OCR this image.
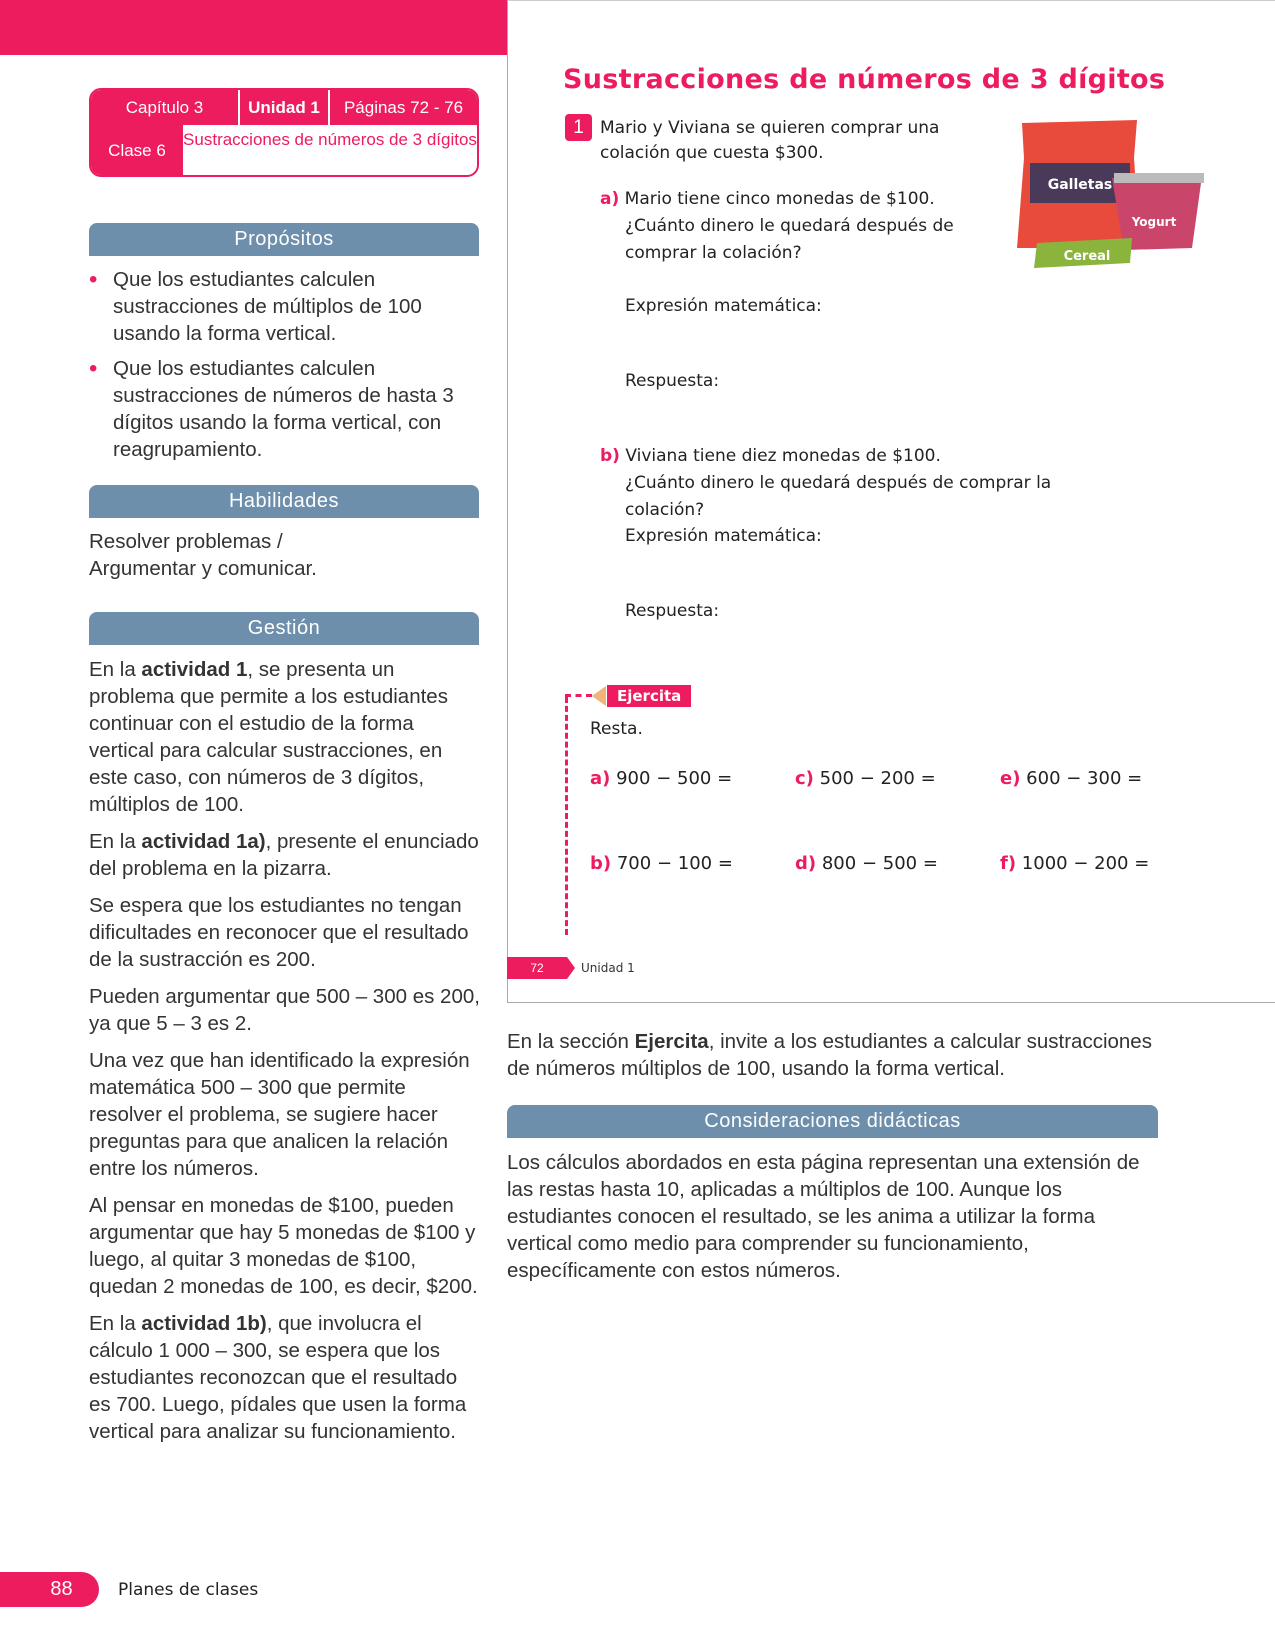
Capítulo 3	Unidad 1	Páginas 72 - 76
Clase 6
Sustracciones de números de 3 dígitos
Propósitos
• Que los estudiantes calculen sustracciones de múltiplos de 100 usando la forma vertical.
• Que los estudiantes calculen sustracciones de números de hasta 3 dígitos usando la forma vertical, con reagrupamiento.
Habilidades
Resolver problemas / Argumentar y comunicar.
Gestión

En la actividad 1, se presenta un problema que permite a los estudiantes continuar con el estudio de la forma vertical para calcular sustracciones, en este caso, con números de 3 dígitos, múltiplos de 100.

En la actividad 1a), presente el enunciado del problema en la pizarra.

Se espera que los estudiantes no tengan dificultades en reconocer que el resultado de la sustracción es 200.

Pueden argumentar que 500 – 300 es 200, ya que 5 – 3 es 2.

Una vez que han identificado la expresión matemática 500 – 300 que permite resolver el problema, se sugiere hacer preguntas para que analicen la relación entre los números.

Al pensar en monedas de $100, pueden argumentar que hay 5 monedas de $100 y luego, al quitar 3 monedas de $100, quedan 2 monedas de 100, es decir, $200.

En la actividad 1b), que involucra el cálculo 1 000 – 300, se espera que los estudiantes reconozcan que el resultado es 700. Luego, pídales que usen la forma vertical para analizar su funcionamiento.

Sustracciones de números de 3 dígitos
1 Mario y Viviana se quieren comprar una colación que cuesta $300.
Galletas
Yogurt
Cereal
a) Mario tiene cinco monedas de $100.

¿Cuánto dinero le quedará después de comprar la colación?
Expresión matemática:
Respuesta:
b) Viviana tiene diez monedas de $100.

¿Cuánto dinero le quedará después de comprar la colación?
Expresión matemática:
Respuesta:
Ejercita
Resta.
a) 900 − 500 =	c) 500 − 200 =	e) 600 − 300 =
b) 700 − 100 =	d) 800 − 500 =	f) 1000 − 200 =
72	Unidad 1
En la sección Ejercita, invite a los estudiantes a calcular sustracciones de números múltiplos de 100, usando la forma vertical.
Consideraciones didácticas
Los cálculos abordados en esta página representan una extensión de las restas hasta 10, aplicadas a múltiplos de 100. Aunque los estudiantes conocen el resultado, se les anima a utilizar la forma vertical como medio para comprender su funcionamiento, específicamente con estos números.
88	Planes de clases
